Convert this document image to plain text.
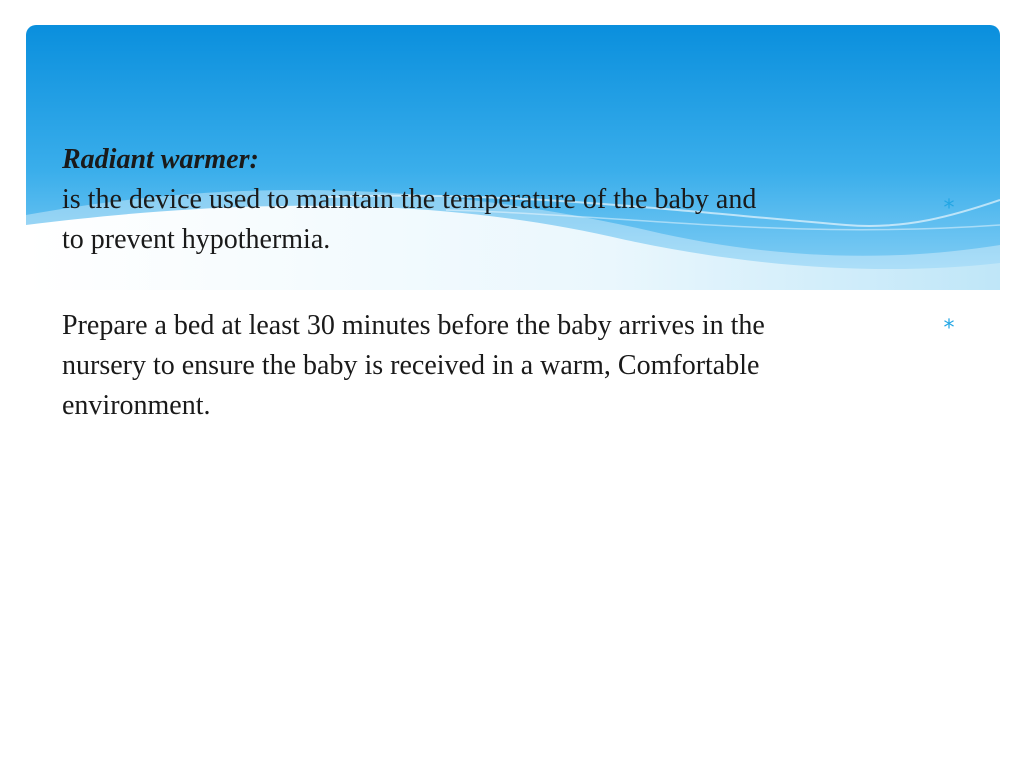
Radiant warmer:

*

is the device used to maintain the temperature of the baby and
to prevent hypothermia.

*

Prepare a bed at least 30 minutes before the baby arrives in the
nursery to ensure the baby is received in a warm, Comfortable
environment.
